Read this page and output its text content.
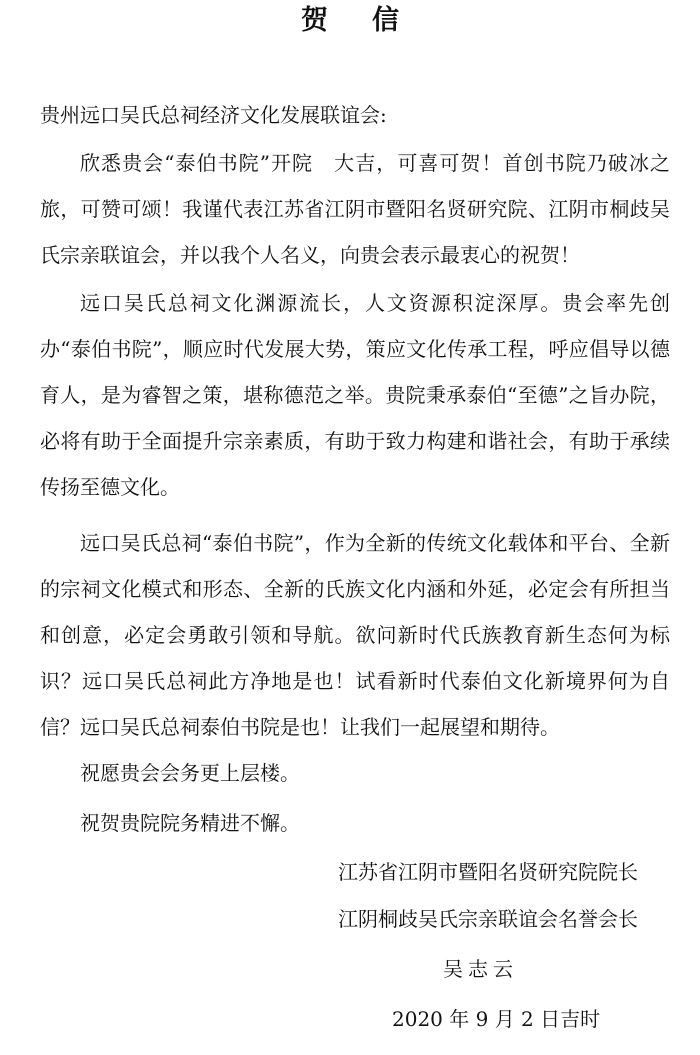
贺信
贵州远口吴氏总祠经济文化发展联谊会:

欣悉贵会“泰伯书院”开院　大吉，可喜可贺！首创书院乃破冰之旅，可赞可颂！我谨代表江苏省江阴市暨阳名贤研究院、江阴市桐歧吴氏宗亲联谊会，并以我个人名义，向贵会表示最衷心的祝贺！

远口吴氏总祠文化渊源流长，人文资源积淀深厚。贵会率先创办“泰伯书院”，顺应时代发展大势，策应文化传承工程，呼应倡导以德育人，是为睿智之策，堪称德范之举。贵院秉承泰伯“至德”之旨办院，必将有助于全面提升宗亲素质，有助于致力构建和谐社会，有助于承续传扬至德文化。

远口吴氏总祠“泰伯书院”，作为全新的传统文化载体和平台、全新的宗祠文化模式和形态、全新的氏族文化内涵和外延，必定会有所担当和创意，必定会勇敢引领和导航。欲问新时代氏族教育新生态何为标识？远口吴氏总祠此方净地是也！试看新时代泰伯文化新境界何为自信？远口吴氏总祠泰伯书院是也！让我们一起展望和期待。

祝愿贵会会务更上层楼。

祝贺贵院院务精进不懈。

江苏省江阴市暨阳名贤研究院院长
江阴桐歧吴氏宗亲联谊会名誉会长
吴志云
2020 年 9 月 2 日吉时
